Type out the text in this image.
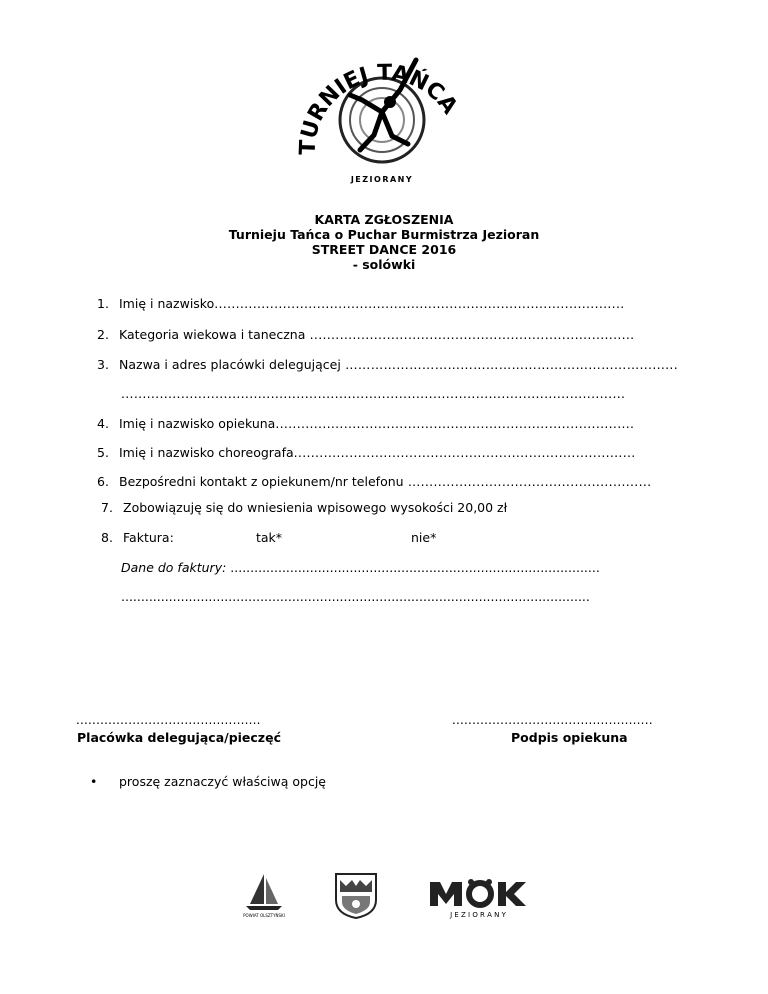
TURNIEJ TAŃCA
JEZIORANY
KARTA ZGŁOSZENIA
Turnieju Tańca o Puchar Burmistrza Jezioran
STREET DANCE 2016
- solówki
1. Imię i nazwisko................................................................................................
2. Kategoria wiekowa i taneczna ............................................................................
3. Nazwa i adres placówki delegującej …………………………………………………………….........
......................................................................................................................
4. Imię i nazwisko opiekuna....................................................................................
5. Imię i nazwisko choreografa................................................................................
6. Bezpośredni kontakt z opiekunem/nr telefonu …......................................................
7. Zobowiązuję się do wniesienia wpisowego wysokości 20,00 zł
8. Faktura:	tak*	nie*
Dane do faktury: .............................................................................................
......................................................................................................................
..............................................	..................................................
Placówka delegująca/pieczęć	Podpis opiekuna
• proszę zaznaczyć właściwą opcję
POWIAT OLSZTYŃSKI	J E Z I O R A N Y
